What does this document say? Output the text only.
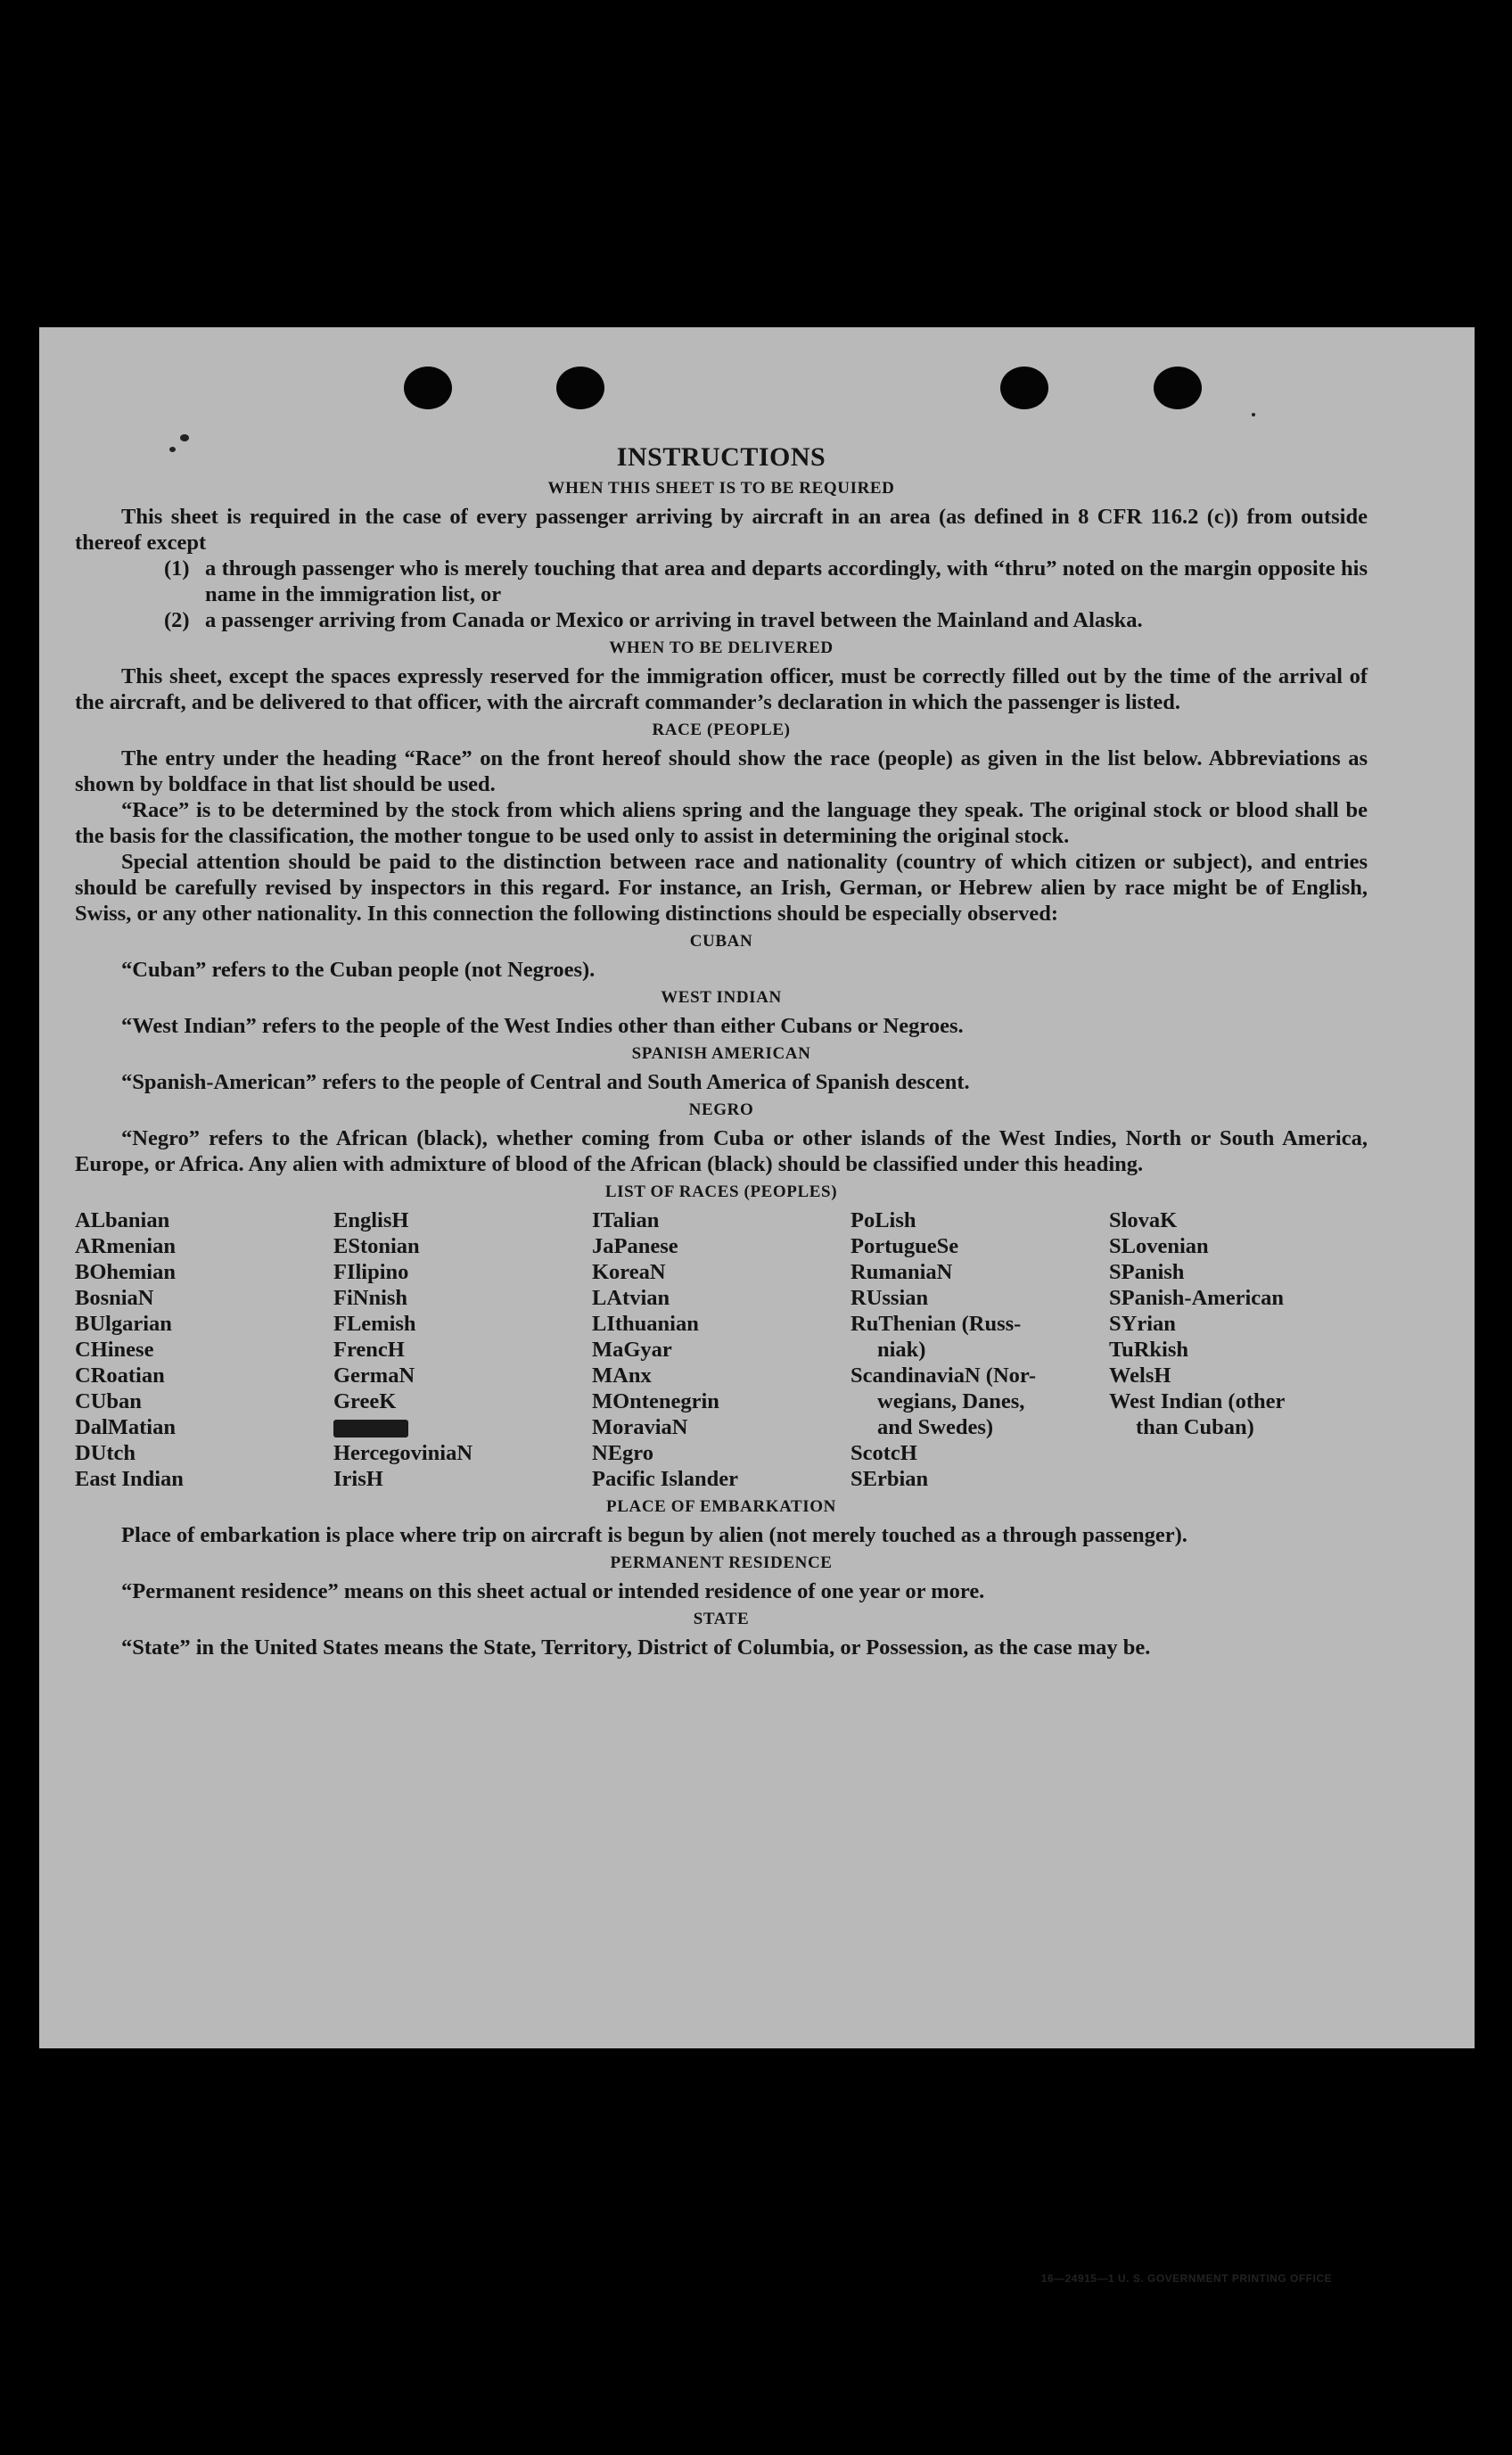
INSTRUCTIONS
WHEN THIS SHEET IS TO BE REQUIRED

This sheet is required in the case of every passenger arriving by aircraft in an area (as defined in 8 CFR 116.2 (c)) from outside thereof except

(1) a through passenger who is merely touching that area and departs accordingly, with “thru” noted on the margin opposite his name in the immigration list, or
(2) a passenger arriving from Canada or Mexico or arriving in travel between the Mainland and Alaska.
WHEN TO BE DELIVERED

This sheet, except the spaces expressly reserved for the immigration officer, must be correctly filled out by the time of the arrival of the aircraft, and be delivered to that officer, with the aircraft commander’s declaration in which the passenger is listed.

RACE (PEOPLE)

The entry under the heading “Race” on the front hereof should show the race (people) as given in the list below. Abbreviations as shown by boldface in that list should be used.

“Race” is to be determined by the stock from which aliens spring and the language they speak. The original stock or blood shall be the basis for the classification, the mother tongue to be used only to assist in determining the original stock.

Special attention should be paid to the distinction between race and nationality (country of which citizen or subject), and entries should be carefully revised by inspectors in this regard. For instance, an Irish, German, or Hebrew alien by race might be of English, Swiss, or any other nationality. In this connection the following distinctions should be especially observed:

CUBAN

“Cuban” refers to the Cuban people (not Negroes).

WEST INDIAN

“West Indian” refers to the people of the West Indies other than either Cubans or Negroes.

SPANISH AMERICAN

“Spanish-American” refers to the people of Central and South America of Spanish descent.

NEGRO

“Negro” refers to the African (black), whether coming from Cuba or other islands of the West Indies, North or South America, Europe, or Africa. Any alien with admixture of blood of the African (black) should be classified under this heading.

LIST OF RACES (PEOPLES)
ALbanian
ARmenian
BOhemian
BosniaN
BUlgarian
CHinese
CRoatian
CUban
DalMatian
DUtch
East Indian
EnglisH
EStonian
FIlipino
FiNnish
FLemish
FrencH
GermaN
GreeK
HercegoviniaN
IrisH
ITalian
JaPanese
KoreaN
LAtvian
LIthuanian
MaGyar
MAnx
MOntenegrin
MoraviaN
NEgro
Pacific Islander
PoLish
PortugueSe
RumaniaN
RUssian
RuThenian (Russ-
niak)
ScandinaviaN (Nor-
wegians, Danes,
and Swedes)
ScotcH
SErbian
SlovaK
SLovenian
SPanish
SPanish-American
SYrian
TuRkish
WelsH
West Indian (other
than Cuban)
PLACE OF EMBARKATION

Place of embarkation is place where trip on aircraft is begun by alien (not merely touched as a through passenger).

PERMANENT RESIDENCE

“Permanent residence” means on this sheet actual or intended residence of one year or more.

STATE

“State” in the United States means the State, Territory, District of Columbia, or Possession, as the case may be.

16—24915—1 U. S. GOVERNMENT PRINTING OFFICE
